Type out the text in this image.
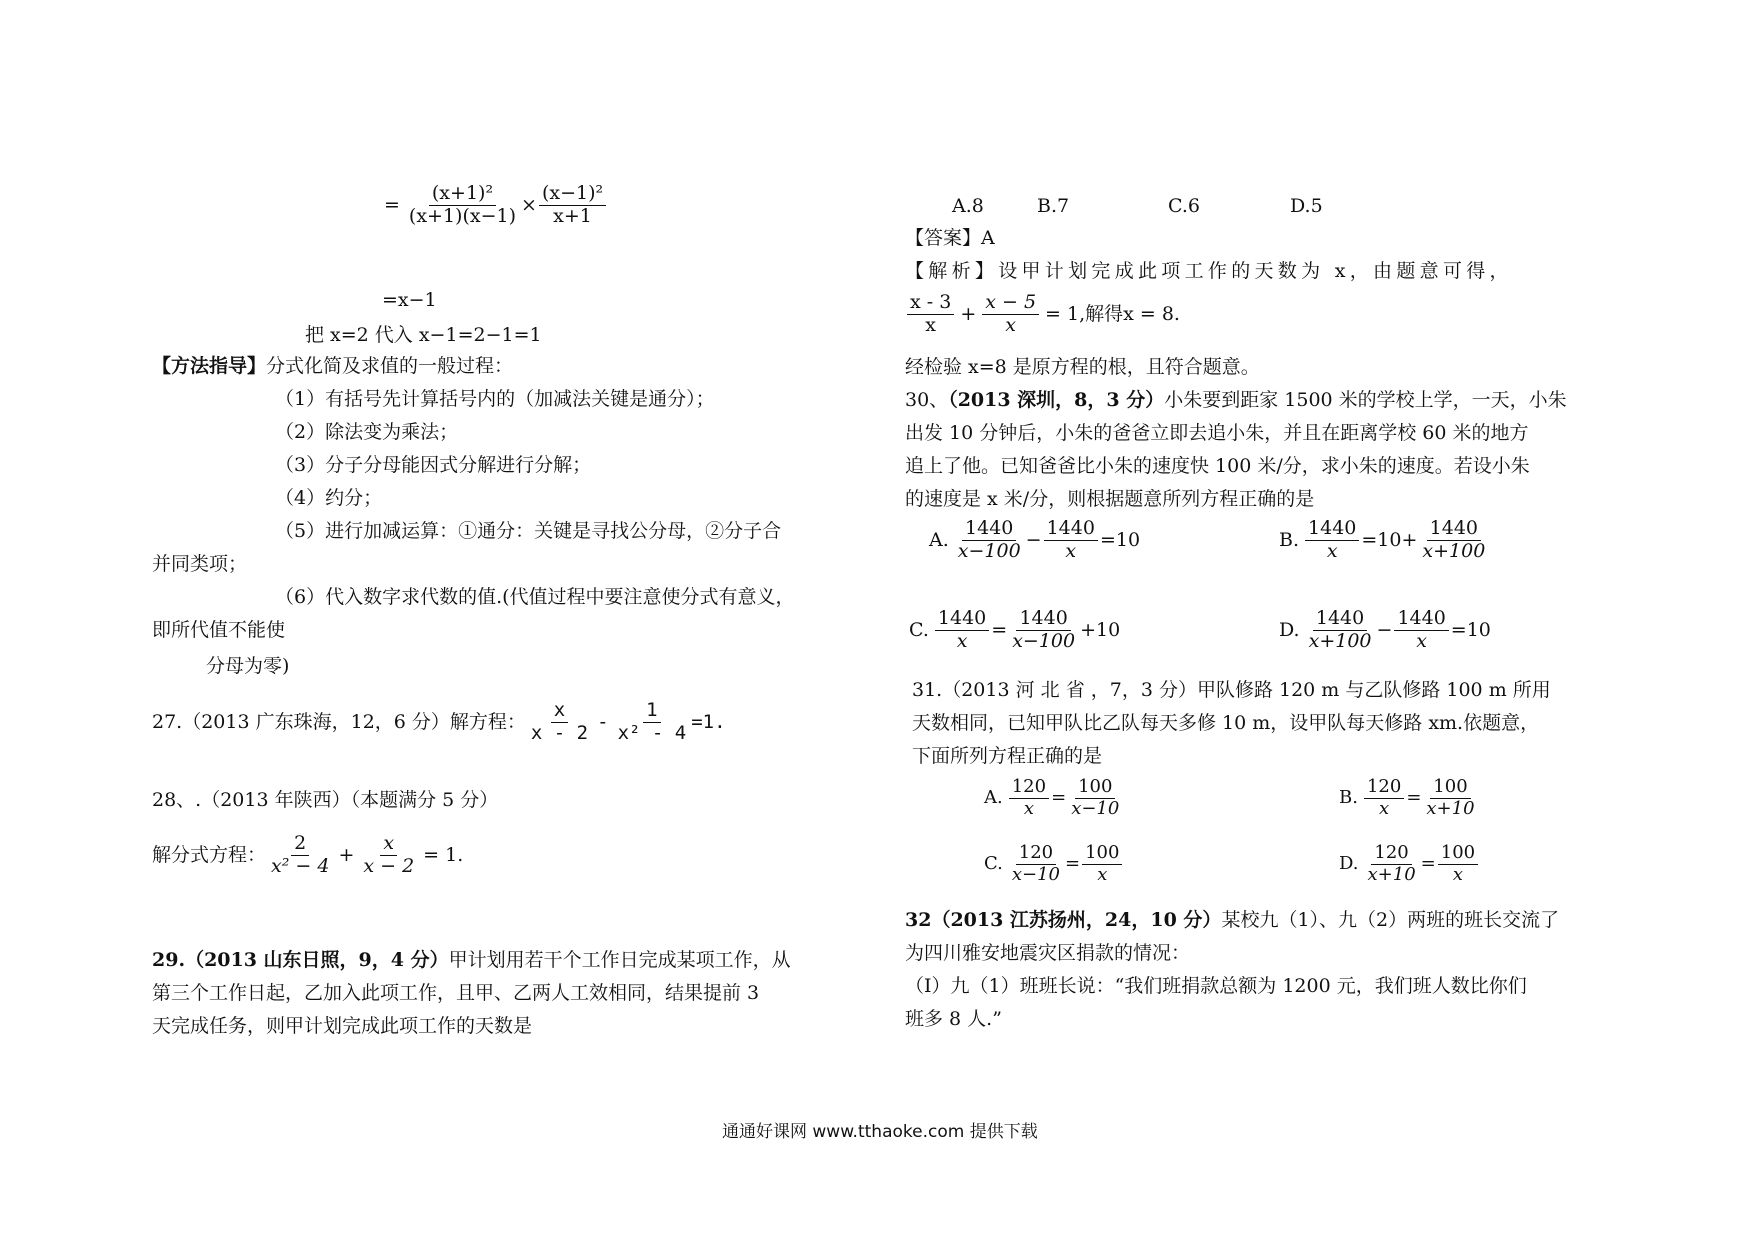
= $\frac{\text{(x+1)²}}{(x+1)(x-1)} \times \frac{\text{(x−1)²}}{x+1}$
=x−1
把 x=2 代入 x−1=2−1=1
【方法指导】分式化简及求值的一般过程：
（1）有括号先计算括号内的（加减法关键是通分）；
（2）除法变为乘法；
（3）分子分母能因式分解进行分解；
（4）约分；
（5）进行加减运算：①通分：关键是寻找公分母，②分子合
并同类项；
（6）代入数字求代数的值.(代值过程中要注意使分式有意义，
即所代值不能使
分母为零)
27.（2013 广东珠海，12，6 分）解方程： $\frac{x}{x - 2} - \frac{1}{\text{x² - 4}} =1$.
28、.（2013 年陕西）（本题满分 5 分）
解分式方程： $\frac{2}{\text{x² − 4}} + \frac{x}{x - 2} = 1$.
29.（2013 山东日照，9，4 分）甲计划用若干个工作日完成某项工作，从
第三个工作日起，乙加入此项工作，且甲、乙两人工效相同，结果提前 3
天完成任务，则甲计划完成此项工作的天数是
A.8	B.7	C.6	D.5
【答案】A
【解析】设甲计划完成此项工作的天数为 x，由题意可得，
$\frac{x - 3}{x} + \frac{x - 5}{x} = 1$,解得x = 8.
经检验 x=8 是原方程的根，且符合题意。
30、（2013 深圳，8，3 分）小朱要到距家 1500 米的学校上学，一天，小朱
出发 10 分钟后，小朱的爸爸立即去追小朱，并且在距离学校 60 米的地方
追上了他。已知爸爸比小朱的速度快 100 米/分，求小朱的速度。若设小朱
的速度是 x 米/分，则根据题意所列方程正确的是
A. $\frac{1440}{x-100} - \frac{1440}{x} =10$	B. $\frac{1440}{x} =10+ \frac{1440}{x+100}$
C. $\frac{1440}{x} = \frac{1440}{x-100} +10$	D. $\frac{1440}{x+100} - \frac{1440}{x} =10$
31.（2013 河 北 省 ，7，3 分）甲队修路 120 m 与乙队修路 100 m 所用
天数相同，已知甲队比乙队每天多修 10 m，设甲队每天修路 xm.依题意，
下面所列方程正确的是
A. $\frac{120}{x} = \frac{100}{x-10}$	B. $\frac{120}{x} = \frac{100}{x+10}$
C. $\frac{120}{x-10} = \frac{100}{x}$	D. $\frac{120}{x+10} = \frac{100}{x}$
32（2013 江苏扬州，24，10 分）某校九（1）、九（2）两班的班长交流了
为四川雅安地震灾区捐款的情况：
（Ⅰ）九（1）班班长说：“我们班捐款总额为 1200 元，我们班人数比你们
班多 8 人.”
通通好课网 www.tthaoke.com 提供下载
